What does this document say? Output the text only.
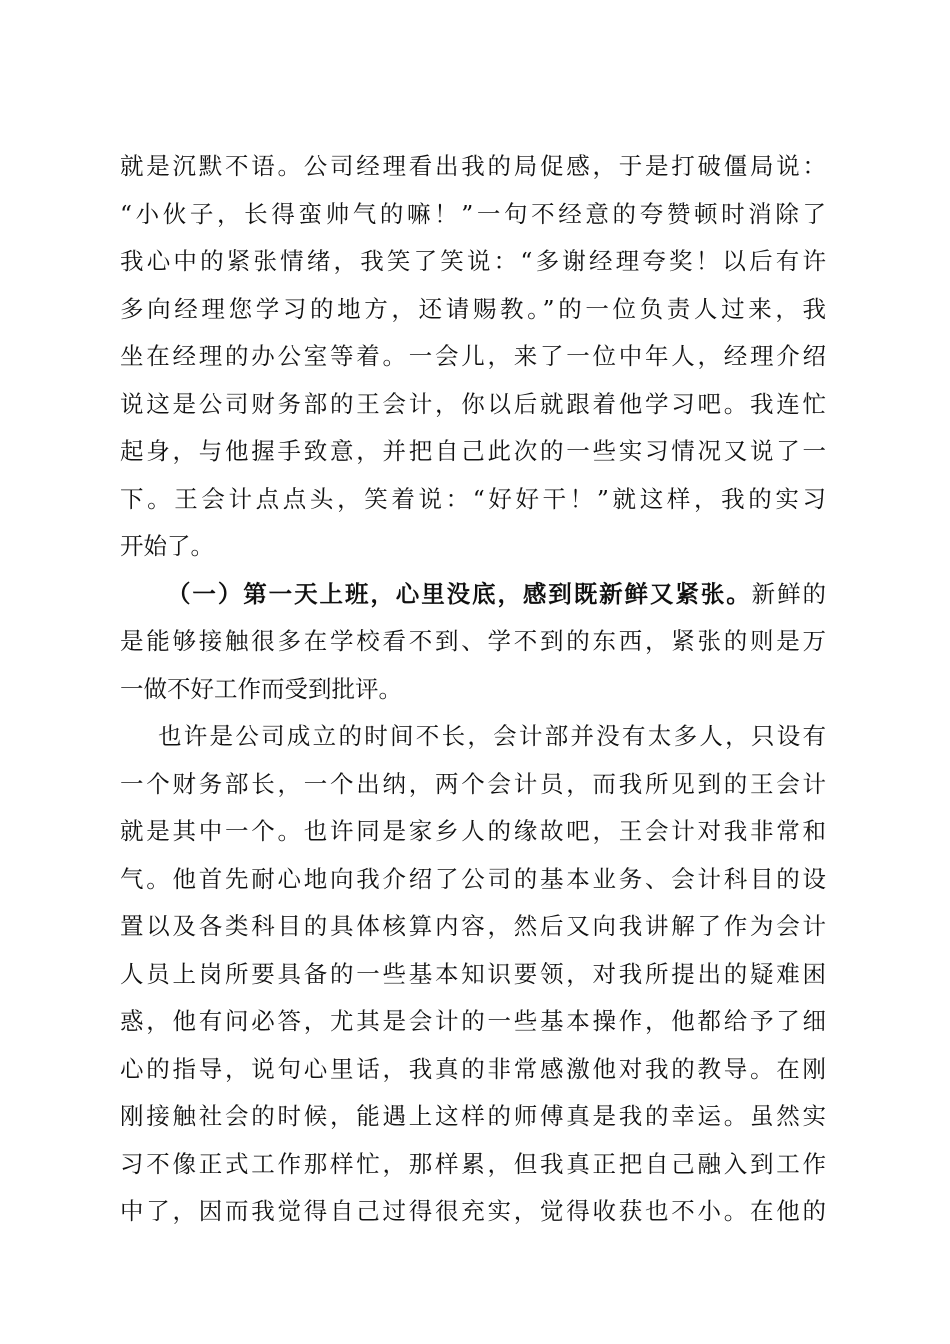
就是沉默不语。公司经理看出我的局促感，于是打破僵局说：
“小伙子，长得蛮帅气的嘛！”一句不经意的夸赞顿时消除了
我心中的紧张情绪，我笑了笑说：“多谢经理夸奖！以后有许
多向经理您学习的地方，还请赐教。”的一位负责人过来，我
坐在经理的办公室等着。一会儿，来了一位中年人，经理介绍
说这是公司财务部的王会计，你以后就跟着他学习吧。我连忙
起身，与他握手致意，并把自己此次的一些实习情况又说了一
下。王会计点点头，笑着说：“好好干！”就这样，我的实习
开始了。
（一）第一天上班，心里没底，感到既新鲜又紧张。新鲜的
是能够接触很多在学校看不到、学不到的东西，紧张的则是万
一做不好工作而受到批评。
也许是公司成立的时间不长，会计部并没有太多人，只设有
一个财务部长，一个出纳，两个会计员，而我所见到的王会计
就是其中一个。也许同是家乡人的缘故吧，王会计对我非常和
气。他首先耐心地向我介绍了公司的基本业务、会计科目的设
置以及各类科目的具体核算内容，然后又向我讲解了作为会计
人员上岗所要具备的一些基本知识要领，对我所提出的疑难困
惑，他有问必答，尤其是会计的一些基本操作，他都给予了细
心的指导，说句心里话，我真的非常感激他对我的教导。在刚
刚接触社会的时候，能遇上这样的师傅真是我的幸运。虽然实
习不像正式工作那样忙，那样累，但我真正把自己融入到工作
中了，因而我觉得自己过得很充实，觉得收获也不小。在他的
